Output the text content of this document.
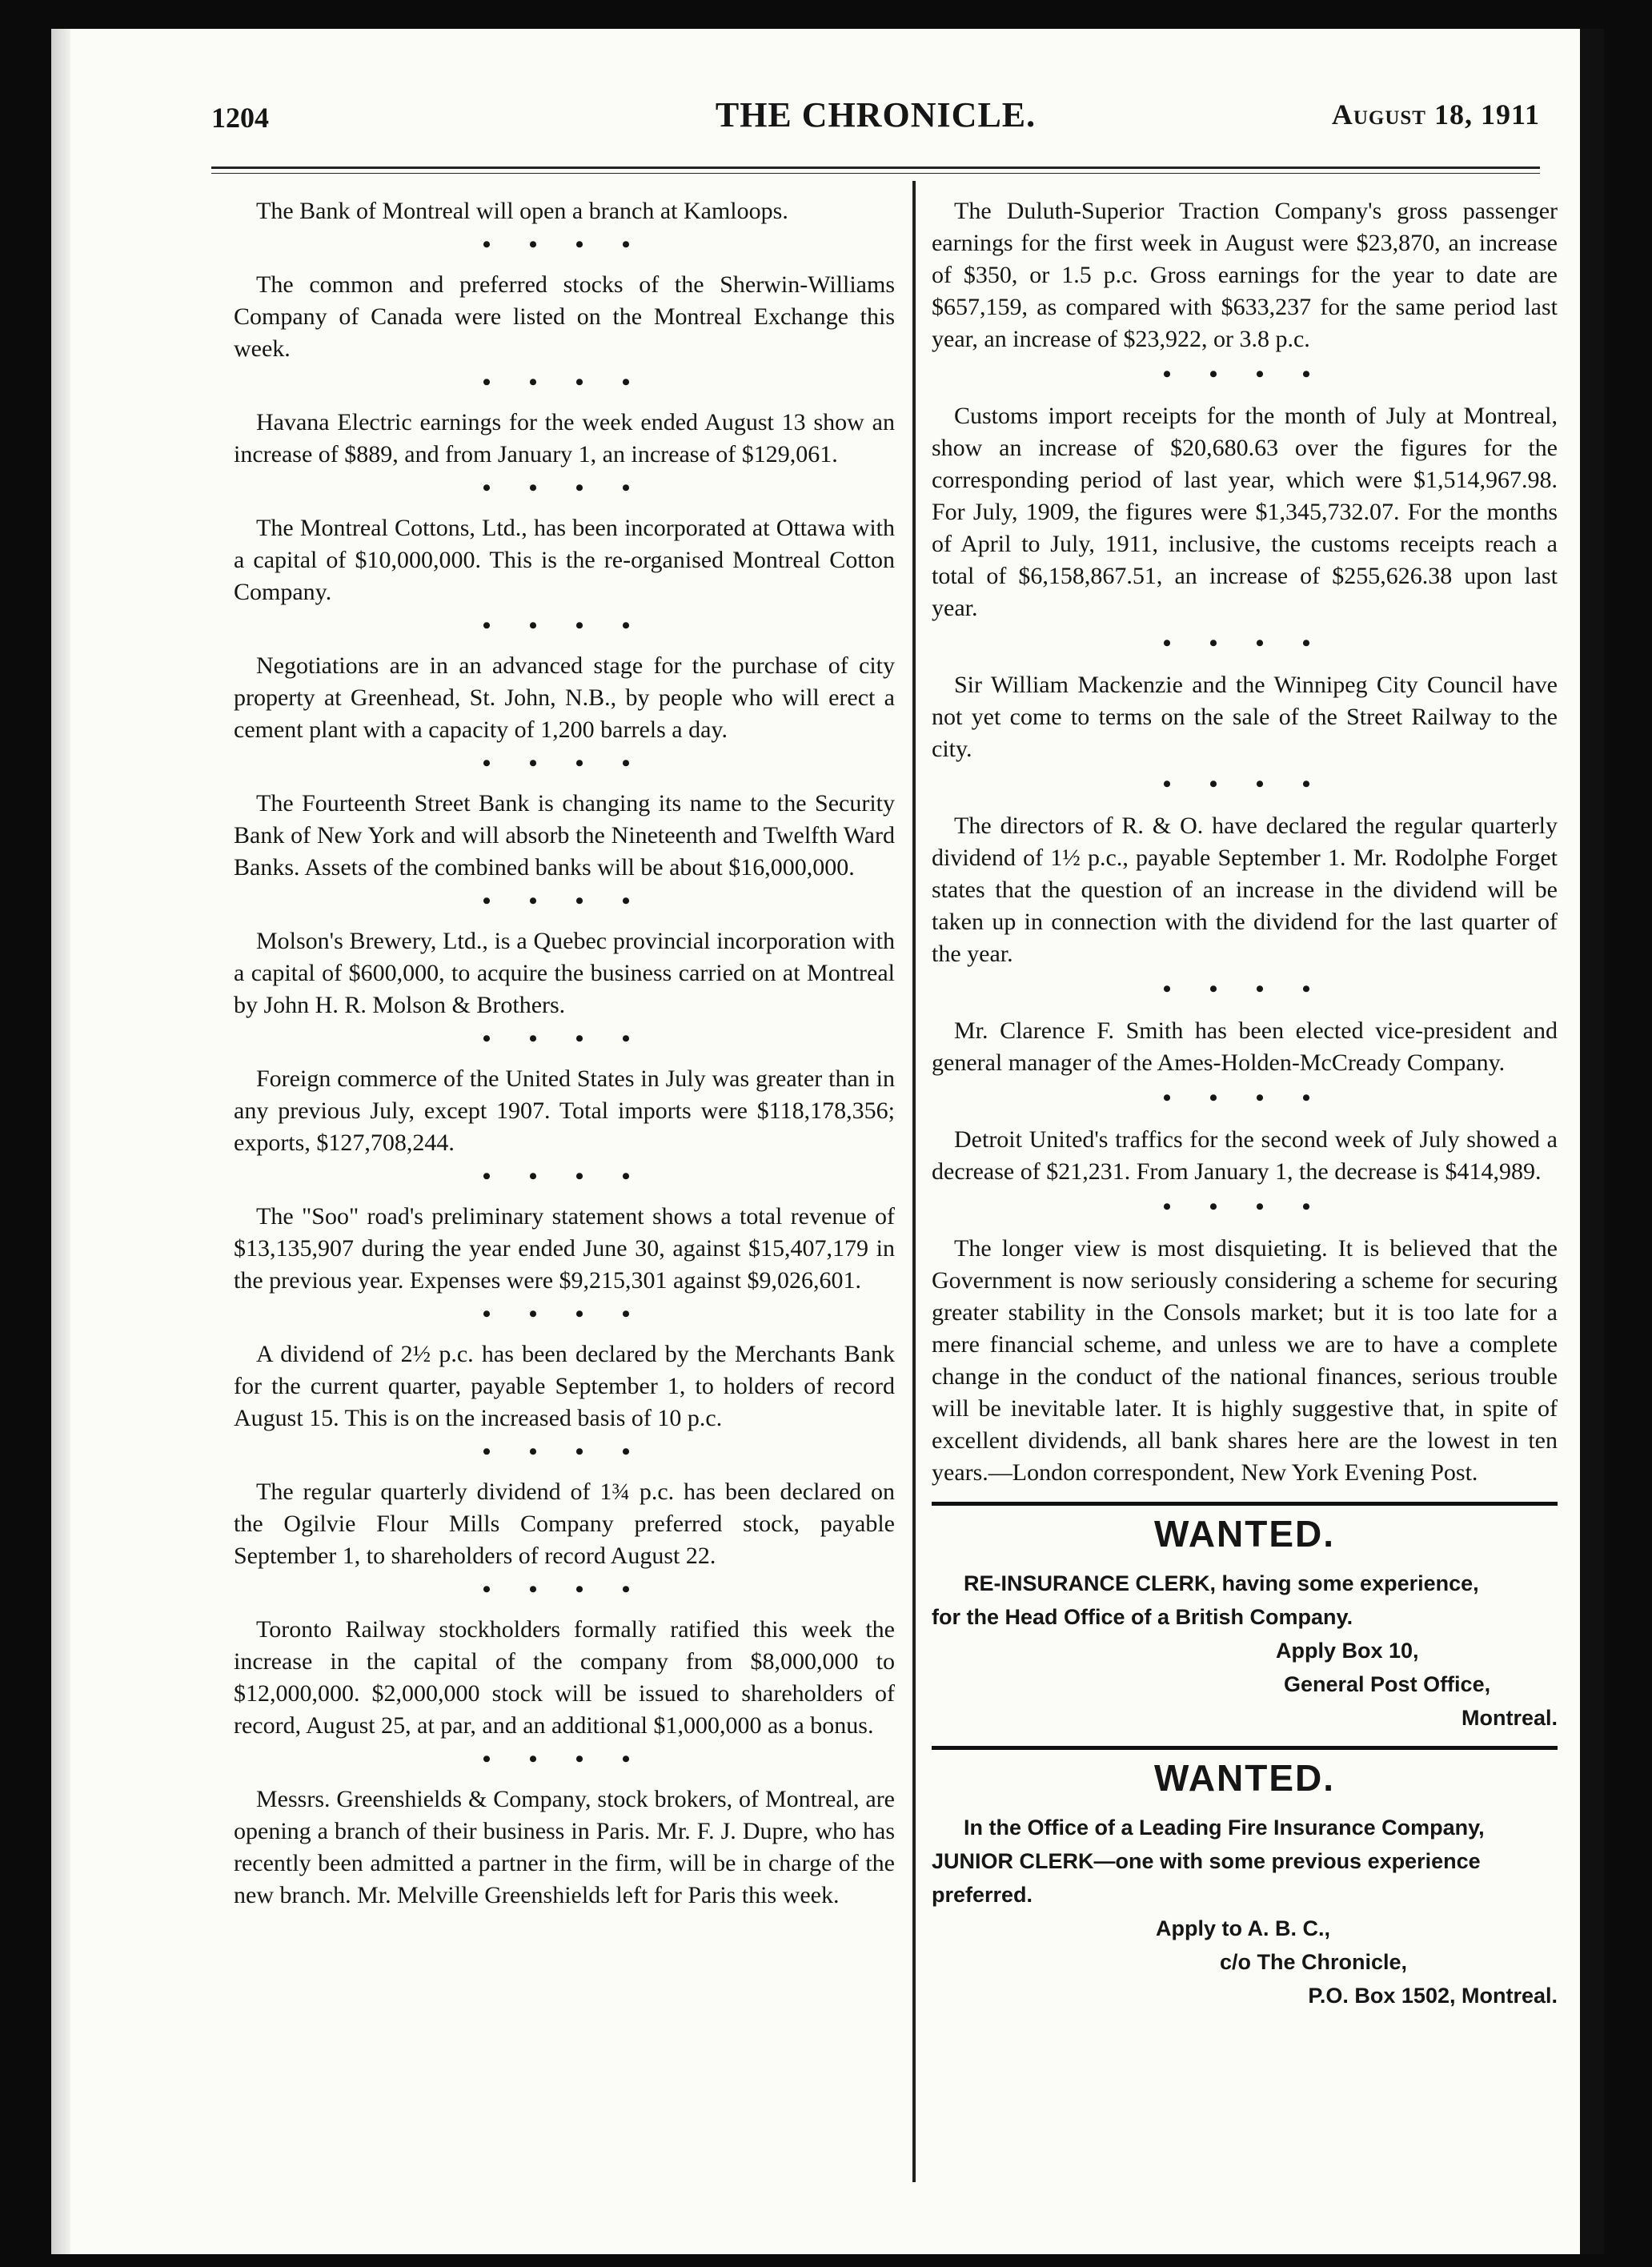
1204	THE CHRONICLE.	August 18, 1911

The Bank of Montreal will open a branch at Kamloops.

• • • •

The common and preferred stocks of the Sherwin-Williams Company of Canada were listed on the Montreal Exchange this week.

• • • •

Havana Electric earnings for the week ended August 13 show an increase of $889, and from January 1, an increase of $129,061.

• • • •

The Montreal Cottons, Ltd., has been incorporated at Ottawa with a capital of $10,000,000. This is the re-organised Montreal Cotton Company.

• • • •

Negotiations are in an advanced stage for the purchase of city property at Greenhead, St. John, N.B., by people who will erect a cement plant with a capacity of 1,200 barrels a day.

• • • •

The Fourteenth Street Bank is changing its name to the Security Bank of New York and will absorb the Nineteenth and Twelfth Ward Banks. Assets of the combined banks will be about $16,000,000.

• • • •

Molson's Brewery, Ltd., is a Quebec provincial incorporation with a capital of $600,000, to acquire the business carried on at Montreal by John H. R. Molson & Brothers.

• • • •

Foreign commerce of the United States in July was greater than in any previous July, except 1907. Total imports were $118,178,356; exports, $127,708,244.

• • • •

The "Soo" road's preliminary statement shows a total revenue of $13,135,907 during the year ended June 30, against $15,407,179 in the previous year. Expenses were $9,215,301 against $9,026,601.

• • • •

A dividend of 2½ p.c. has been declared by the Merchants Bank for the current quarter, payable September 1, to holders of record August 15. This is on the increased basis of 10 p.c.

• • • •

The regular quarterly dividend of 1¾ p.c. has been declared on the Ogilvie Flour Mills Company preferred stock, payable September 1, to shareholders of record August 22.

• • • •

Toronto Railway stockholders formally ratified this week the increase in the capital of the company from $8,000,000 to $12,000,000. $2,000,000 stock will be issued to shareholders of record, August 25, at par, and an additional $1,000,000 as a bonus.

• • • •

Messrs. Greenshields & Company, stock brokers, of Montreal, are opening a branch of their business in Paris. Mr. F. J. Dupre, who has recently been admitted a partner in the firm, will be in charge of the new branch. Mr. Melville Greenshields left for Paris this week.

The Duluth-Superior Traction Company's gross passenger earnings for the first week in August were $23,870, an increase of $350, or 1.5 p.c. Gross earnings for the year to date are $657,159, as compared with $633,237 for the same period last year, an increase of $23,922, or 3.8 p.c.

• • • •

Customs import receipts for the month of July at Montreal, show an increase of $20,680.63 over the figures for the corresponding period of last year, which were $1,514,967.98. For July, 1909, the figures were $1,345,732.07. For the months of April to July, 1911, inclusive, the customs receipts reach a total of $6,158,867.51, an increase of $255,626.38 upon last year.

• • • •

Sir William Mackenzie and the Winnipeg City Council have not yet come to terms on the sale of the Street Railway to the city.

• • • •

The directors of R. & O. have declared the regular quarterly dividend of 1½ p.c., payable September 1. Mr. Rodolphe Forget states that the question of an increase in the dividend will be taken up in connection with the dividend for the last quarter of the year.

• • • •

Mr. Clarence F. Smith has been elected vice-president and general manager of the Ames-Holden-McCready Company.

• • • •

Detroit United's traffics for the second week of July showed a decrease of $21,231. From January 1, the decrease is $414,989.

• • • •

The longer view is most disquieting. It is believed that the Government is now seriously considering a scheme for securing greater stability in the Consols market; but it is too late for a mere financial scheme, and unless we are to have a complete change in the conduct of the national finances, serious trouble will be inevitable later. It is highly suggestive that, in spite of excellent dividends, all bank shares here are the lowest in ten years.—London correspondent, New York Evening Post.

WANTED.

RE-INSURANCE CLERK, having some experience,

for the Head Office of a British Company.

Apply Box 10,

General Post Office,

Montreal.

WANTED.

In the Office of a Leading Fire Insurance Company,

JUNIOR CLERK—one with some previous experience

preferred.

Apply to A. B. C.,

c/o The Chronicle,

P.O. Box 1502, Montreal.
